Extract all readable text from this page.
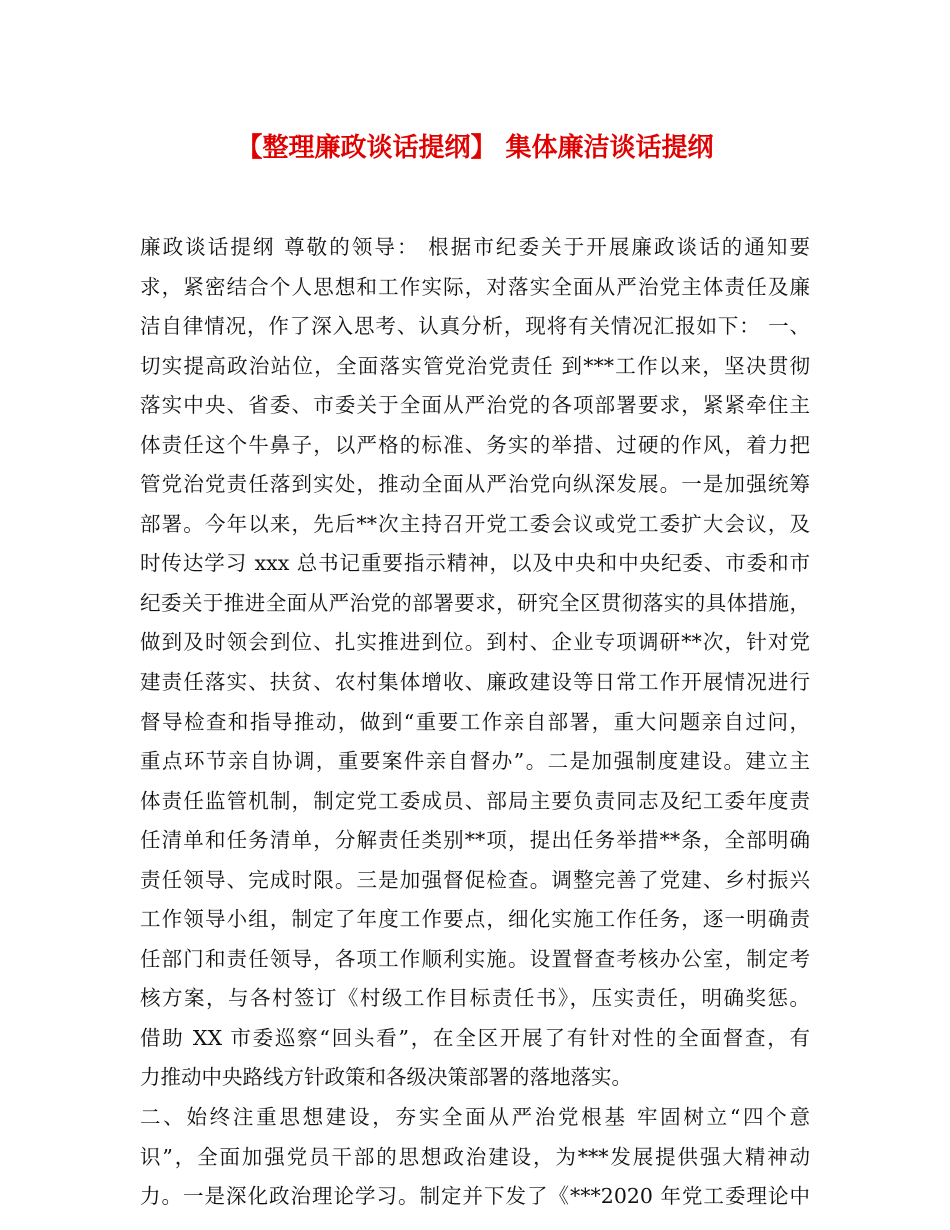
【整理廉政谈话提纲】 集体廉洁谈话提纲
廉政谈话提纲 尊敬的领导： 根据市纪委关于开展廉政谈话的通知要
求，紧密结合个人思想和工作实际，对落实全面从严治党主体责任及廉
洁自律情况，作了深入思考、认真分析，现将有关情况汇报如下： 一、
切实提高政治站位，全面落实管党治党责任 到***工作以来，坚决贯彻
落实中央、省委、市委关于全面从严治党的各项部署要求，紧紧牵住主
体责任这个牛鼻子，以严格的标准、务实的举措、过硬的作风，着力把
管党治党责任落到实处，推动全面从严治党向纵深发展。一是加强统筹
部署。今年以来，先后**次主持召开党工委会议或党工委扩大会议，及
时传达学习 xxx 总书记重要指示精神，以及中央和中央纪委、市委和市
纪委关于推进全面从严治党的部署要求，研究全区贯彻落实的具体措施，
做到及时领会到位、扎实推进到位。到村、企业专项调研**次，针对党
建责任落实、扶贫、农村集体增收、廉政建设等日常工作开展情况进行
督导检查和指导推动，做到“重要工作亲自部署，重大问题亲自过问，
重点环节亲自协调，重要案件亲自督办”。二是加强制度建设。建立主
体责任监管机制，制定党工委成员、部局主要负责同志及纪工委年度责
任清单和任务清单，分解责任类别**项，提出任务举措**条，全部明确
责任领导、完成时限。三是加强督促检查。调整完善了党建、乡村振兴
工作领导小组，制定了年度工作要点，细化实施工作任务，逐一明确责
任部门和责任领导，各项工作顺利实施。设置督查考核办公室，制定考
核方案，与各村签订《村级工作目标责任书》，压实责任，明确奖惩。
借助 XX 市委巡察“回头看”，在全区开展了有针对性的全面督查，有
力推动中央路线方针政策和各级决策部署的落地落实。
二、始终注重思想建设，夯实全面从严治党根基 牢固树立“四个意
识”，全面加强党员干部的思想政治建设，为***发展提供强大精神动
力。一是深化政治理论学习。制定并下发了《***2020 年党工委理论中
